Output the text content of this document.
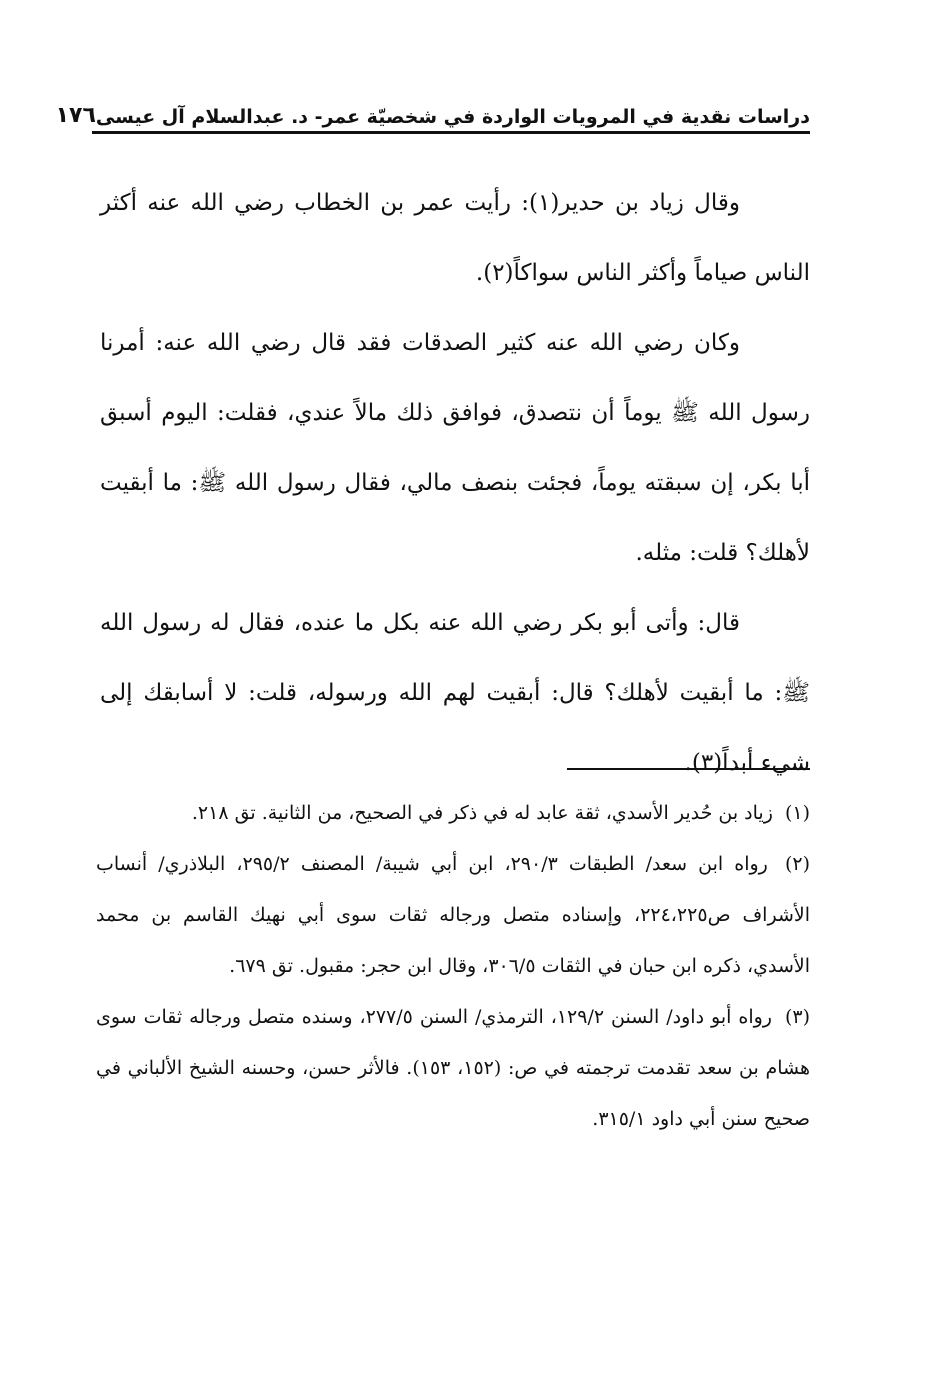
دراسات نقدية في المرويات الواردة في شخصيّة عمر- د. عبدالسلام آل عيسى
١٧٦

وقال زياد بن حدير(١): رأيت عمر بن الخطاب رضي الله عنه أكثر الناس صياماً وأكثر الناس سواكاً(٢).

وكان رضي الله عنه كثير الصدقات فقد قال رضي الله عنه: أمرنا رسول الله ﷺ يوماً أن نتصدق، فوافق ذلك مالاً عندي، فقلت: اليوم أسبق أبا بكر، إن سبقته يوماً، فجئت بنصف مالي، فقال رسول الله ﷺ: ما أبقيت لأهلك؟ قلت: مثله.

قال: وأتى أبو بكر رضي الله عنه بكل ما عنده، فقال له رسول الله ﷺ: ما أبقيت لأهلك؟ قال: أبقيت لهم الله ورسوله، قلت: لا أسابقك إلى شيء أبداً(٣).

(١) زياد بن حُدير الأسدي، ثقة عابد له في ذكر في الصحيح، من الثانية. تق ٢١٨.

(٢) رواه ابن سعد/ الطبقات ٢٩٠/٣، ابن أبي شيبة/ المصنف ٢٩٥/٢، البلاذري/ أنساب الأشراف ص٢٢٤،٢٢٥، وإسناده متصل ورجاله ثقات سوى أبي نهيك القاسم بن محمد الأسدي، ذكره ابن حبان في الثقات ٣٠٦/٥، وقال ابن حجر: مقبول. تق ٦٧٩.

(٣) رواه أبو داود/ السنن ١٢٩/٢، الترمذي/ السنن ٢٧٧/٥، وسنده متصل ورجاله ثقات سوى هشام بن سعد تقدمت ترجمته في ص: (١٥٢، ١٥٣). فالأثر حسن، وحسنه الشيخ الألباني في صحيح سنن أبي داود ٣١٥/١.
